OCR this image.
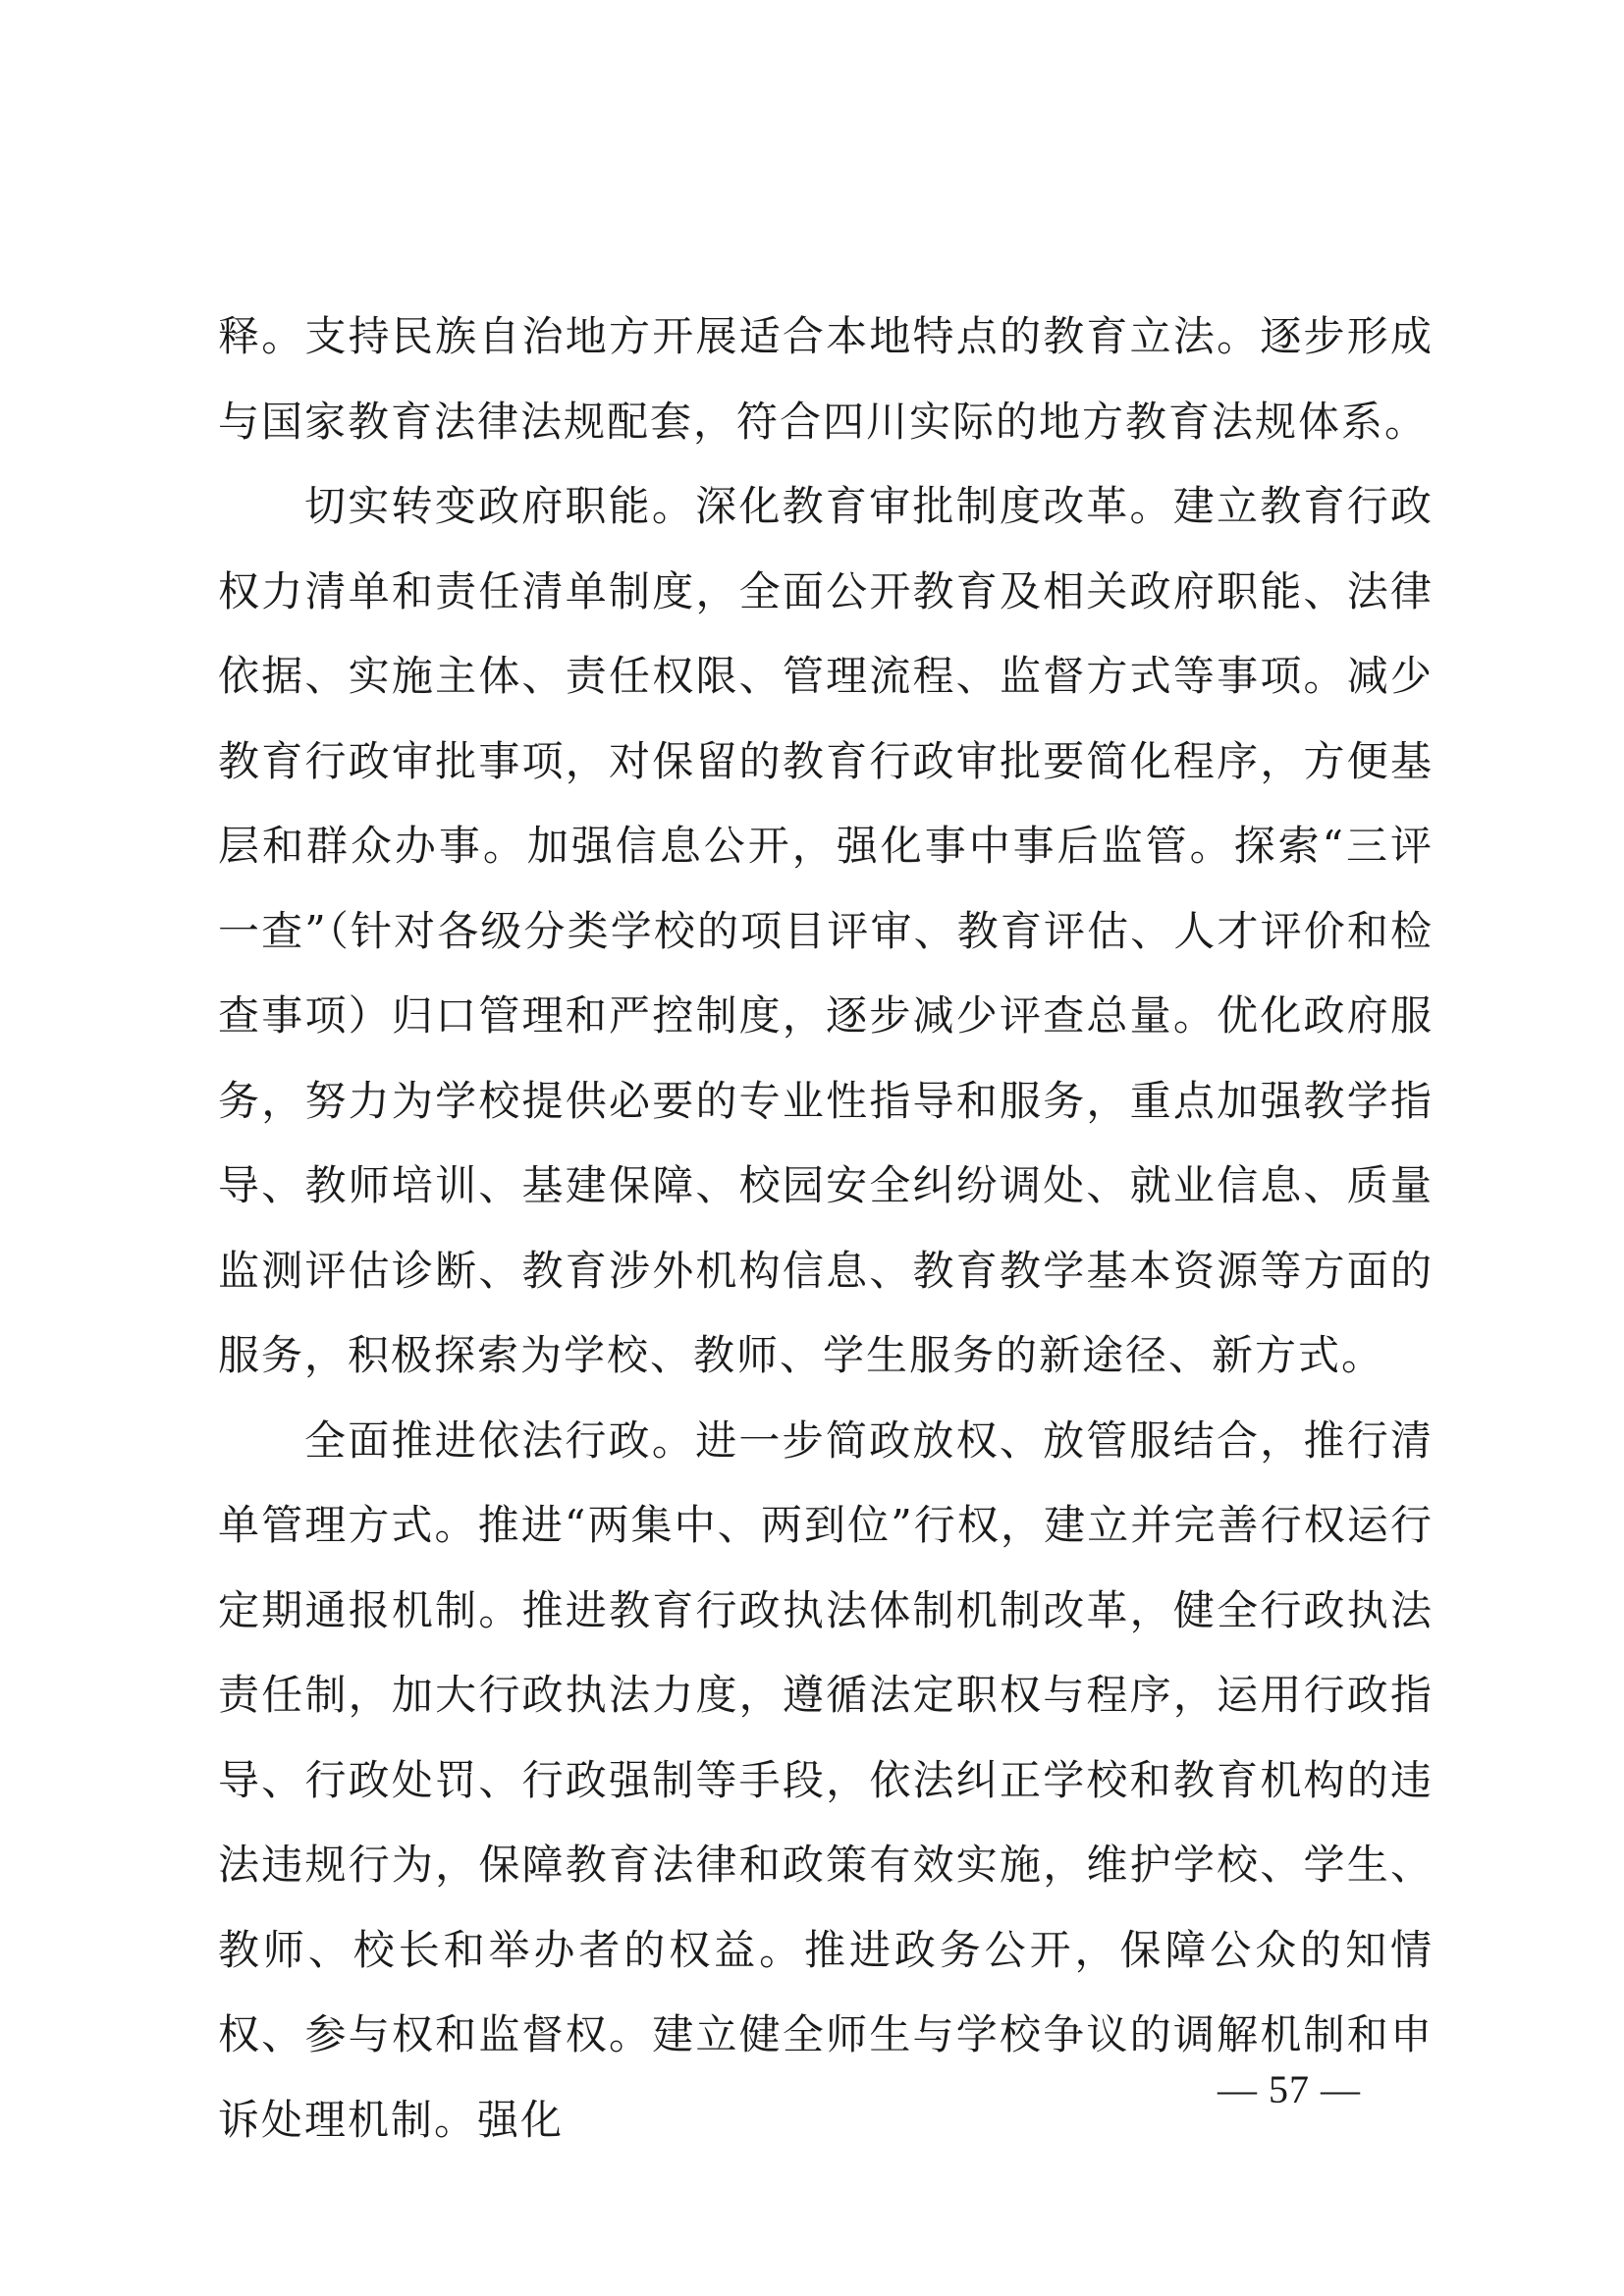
释。支持民族自治地方开展适合本地特点的教育立法。逐步形成与国家教育法律法规配套，符合四川实际的地方教育法规体系。

切实转变政府职能。深化教育审批制度改革。建立教育行政权力清单和责任清单制度，全面公开教育及相关政府职能、法律依据、实施主体、责任权限、管理流程、监督方式等事项。减少教育行政审批事项，对保留的教育行政审批要简化程序，方便基层和群众办事。加强信息公开，强化事中事后监管。探索“三评一查”（针对各级分类学校的项目评审、教育评估、人才评价和检查事项）归口管理和严控制度，逐步减少评查总量。优化政府服务，努力为学校提供必要的专业性指导和服务，重点加强教学指导、教师培训、基建保障、校园安全纠纷调处、就业信息、质量监测评估诊断、教育涉外机构信息、教育教学基本资源等方面的服务，积极探索为学校、教师、学生服务的新途径、新方式。

全面推进依法行政。进一步简政放权、放管服结合，推行清单管理方式。推进“两集中、两到位”行权，建立并完善行权运行定期通报机制。推进教育行政执法体制机制改革，健全行政执法责任制，加大行政执法力度，遵循法定职权与程序，运用行政指导、行政处罚、行政强制等手段，依法纠正学校和教育机构的违法违规行为，保障教育法律和政策有效实施，维护学校、学生、教师、校长和举办者的权益。推进政务公开，保障公众的知情权、参与权和监督权。建立健全师生与学校争议的调解机制和申诉处理机制。强化

— 57 —
